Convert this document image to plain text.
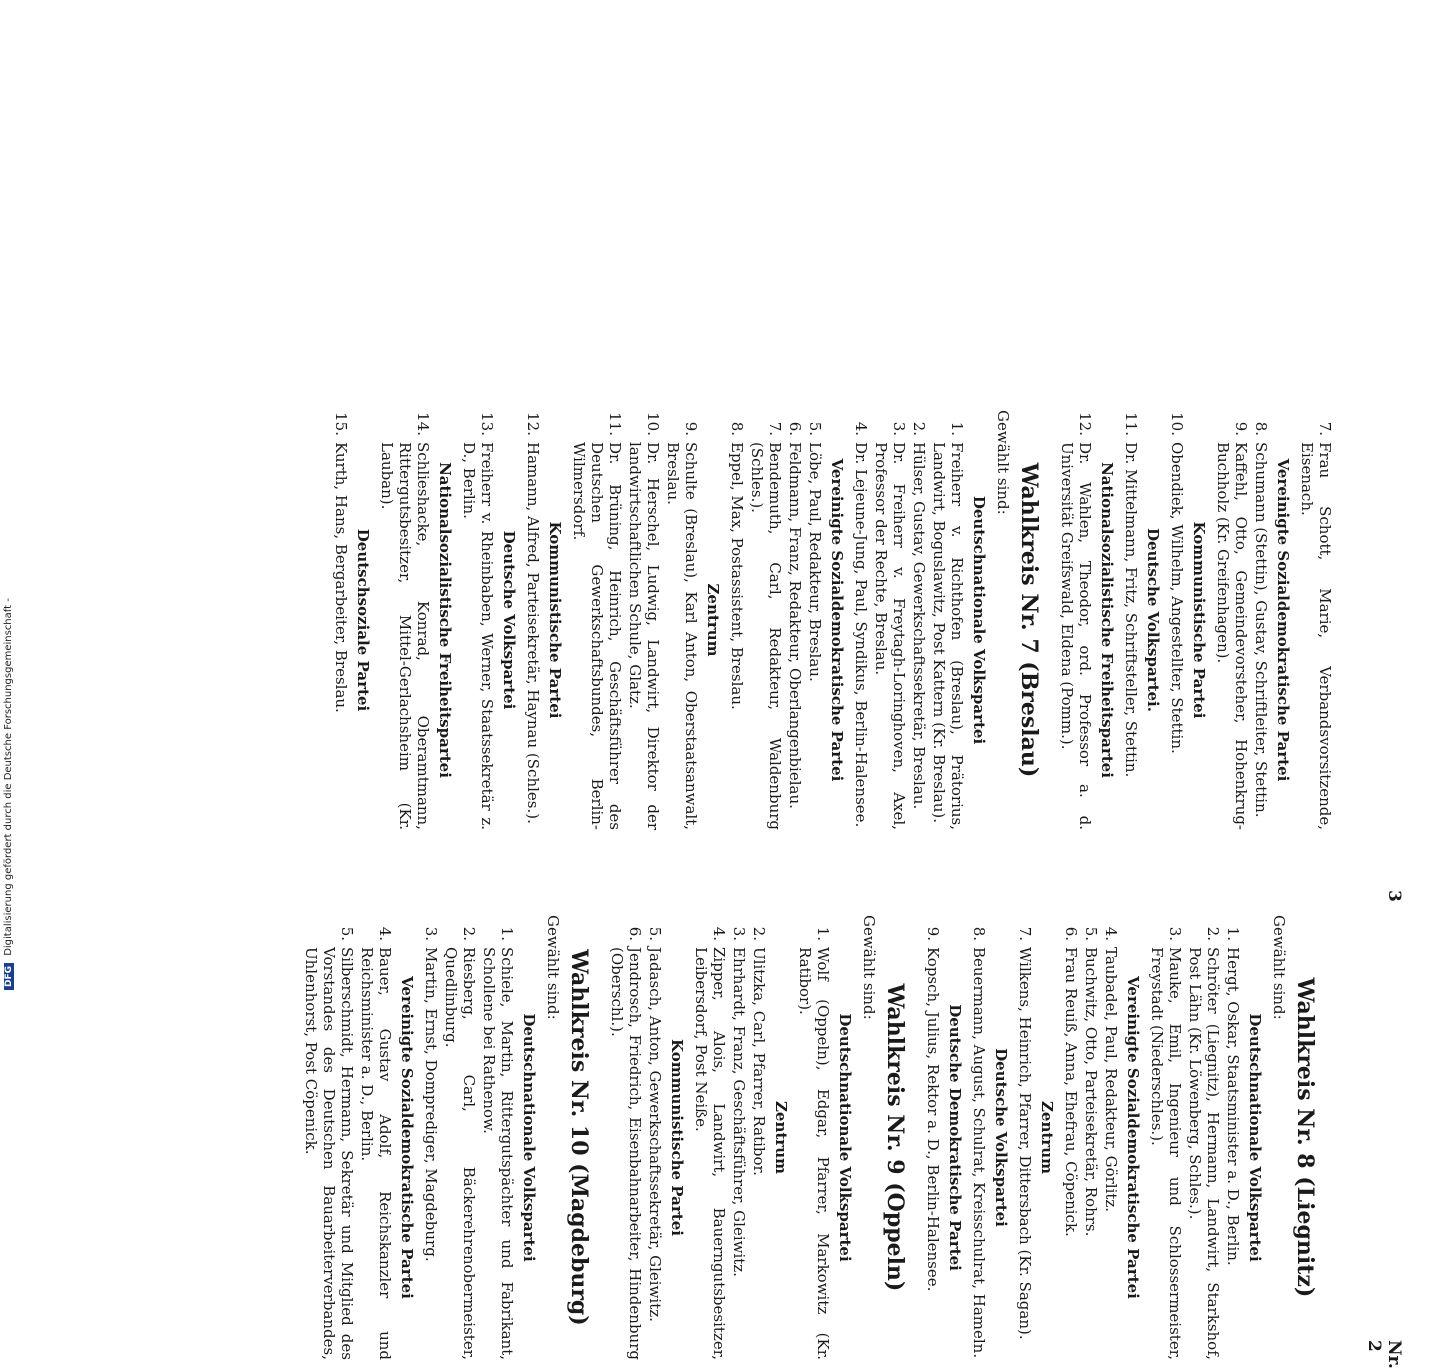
Nr. 2
3
7.
Frau Schott, Marie, Verbandsvorsitzende, Eisenach.
Vereinigte Sozialdemokratische Partei
8.
Schumann (Stettin), Gustav, Schriftleiter, Stettin.
9.
Kaffehl, Otto, Gemeindevorsteher, Hohenkrug-Buchholz (Kr. Greifenhagen).
Kommunistische Partei
10.
Obendiek, Wilhelm, Angestellter, Stettin.
Deutsche Volkspartei.
11.
Dr. Mittelmann, Fritz, Schriftsteller, Stettin.
Nationalsozialistische Freiheitspartei
12.
Dr. Wahlen, Theodor, ord. Professor a. d. Universität Greifswald, Eldena (Pomm.).
Wahlkreis Nr. 7 (Breslau)
Gewählt sind:
Deutschnationale Volkspartei
1.
Freiherr v. Richthofen (Breslau), Prätorius, Landwirt, Boguslawitz, Post Kattern (Kr. Breslau).
2.
Hülser, Gustav, Gewerkschaftssekretär, Breslau.
3.
Dr. Freiherr v. Freytagh-Loringhoven, Axel, Professor der Rechte, Breslau.
4.
Dr. Lejeune-Jung, Paul, Syndikus, Berlin-Halensee.
Vereinigte Sozialdemokratische Partei
5.
Löbe, Paul, Redakteur, Breslau.
6.
Feldmann, Franz, Redakteur, Oberlangenbielau.
7.
Bendemuth, Carl, Redakteur, Waldenburg (Schles.).
8.
Eppel, Max, Postassistent, Breslau.
Zentrum
9.
Schulte (Breslau), Karl Anton, Oberstaatsanwalt, Breslau.
10.
Dr. Herschel, Ludwig, Landwirt, Direktor der landwirtschaftlichen Schule, Glatz.
11.
Dr. Brüning, Heinrich, Geschäftsführer des Deutschen Gewerkschaftsbundes, Berlin-Wilmersdorf.
Kommunistische Partei
12.
Hamann, Alfred, Parteisekretär, Haynau (Schles.).
Deutsche Volkspartei
13.
Freiherr v. Rheinbaben, Werner, Staatssekretär z. D., Berlin.
Nationalsozialistische Freiheitspartei
14.
Schlieshacke, Konrad, Oberamtmann, Rittergutsbesitzer, Mittel-Gerlachsheim (Kr. Lauban).
Deutschsoziale Partei
15.
Kurth, Hans, Bergarbeiter, Breslau.
Wahlkreis Nr. 8 (Liegnitz)
Gewählt sind:
Deutschnationale Volkspartei
1.
Hergt, Oskar, Staatsminister a. D., Berlin.
2.
Schröter (Liegnitz), Hermann, Landwirt, Starkshof, Post Lähn (Kr. Löwenberg, Schles.).
3.
Mauke, Emil, Ingenieur und Schlossermeister, Freystadt (Niederschles.).
Vereinigte Sozialdemokratische Partei
4.
Taubadel, Paul, Redakteur, Görlitz.
5.
Buchwitz, Otto, Parteisekretär, Rohrs.
6.
Frau Reuiß, Anna, Ehefrau, Cöpenick.
Zentrum
7.
Wilkens, Heinrich, Pfarrer, Dittersbach (Kr. Sagan).
Deutsche Volkspartei
8.
Beuermann, August, Schulrat, Kreisschulrat, Hameln.
Deutsche Demokratische Partei
9.
Kopsch, Julius, Rektor a. D., Berlin-Halensee.
Wahlkreis Nr. 9 (Oppeln)
Gewählt sind:
Deutschnationale Volkspartei
1.
Wolf (Oppeln), Edgar, Pfarrer, Markowitz (Kr. Ratibor).
Zentrum
2.
Ulitzka, Carl, Pfarrer, Ratibor.
3.
Ehrhardt, Franz, Geschäftsführer, Gleiwitz.
4.
Zipper, Alois, Landwirt, Bauerngutsbesitzer, Leibersdorf, Post Neiße.
Kommunistische Partei
5.
Jadasch, Anton, Gewerkschaftssekretär, Gleiwitz.
6.
Jendrosch, Friedrich, Eisenbahnarbeiter, Hindenburg (Oberschl.).
Wahlkreis Nr. 10 (Magdeburg)
Gewählt sind:
Deutschnationale Volkspartei
1.
Schiele, Martin, Rittergutspächter und Fabrikant, Schollene bei Rathenow.
2.
Riesberg, Carl, Bäckerehrenobermeister, Quedlinburg.
3.
Martin, Ernst, Domprediger, Magdeburg.
Vereinigte Sozialdemokratische Partei
4.
Bauer, Gustav Adolf, Reichskanzler und Reichsminister a. D., Berlin.
5.
Silberschmidt, Hermann, Sekretär und Mitglied des Vorstandes des Deutschen Bauarbeiterverbandes, Uhlenhorst, Post Cöpenick.
DFG Digitalisierung gefördert durch die Deutsche Forschungsgemeinschaft -
